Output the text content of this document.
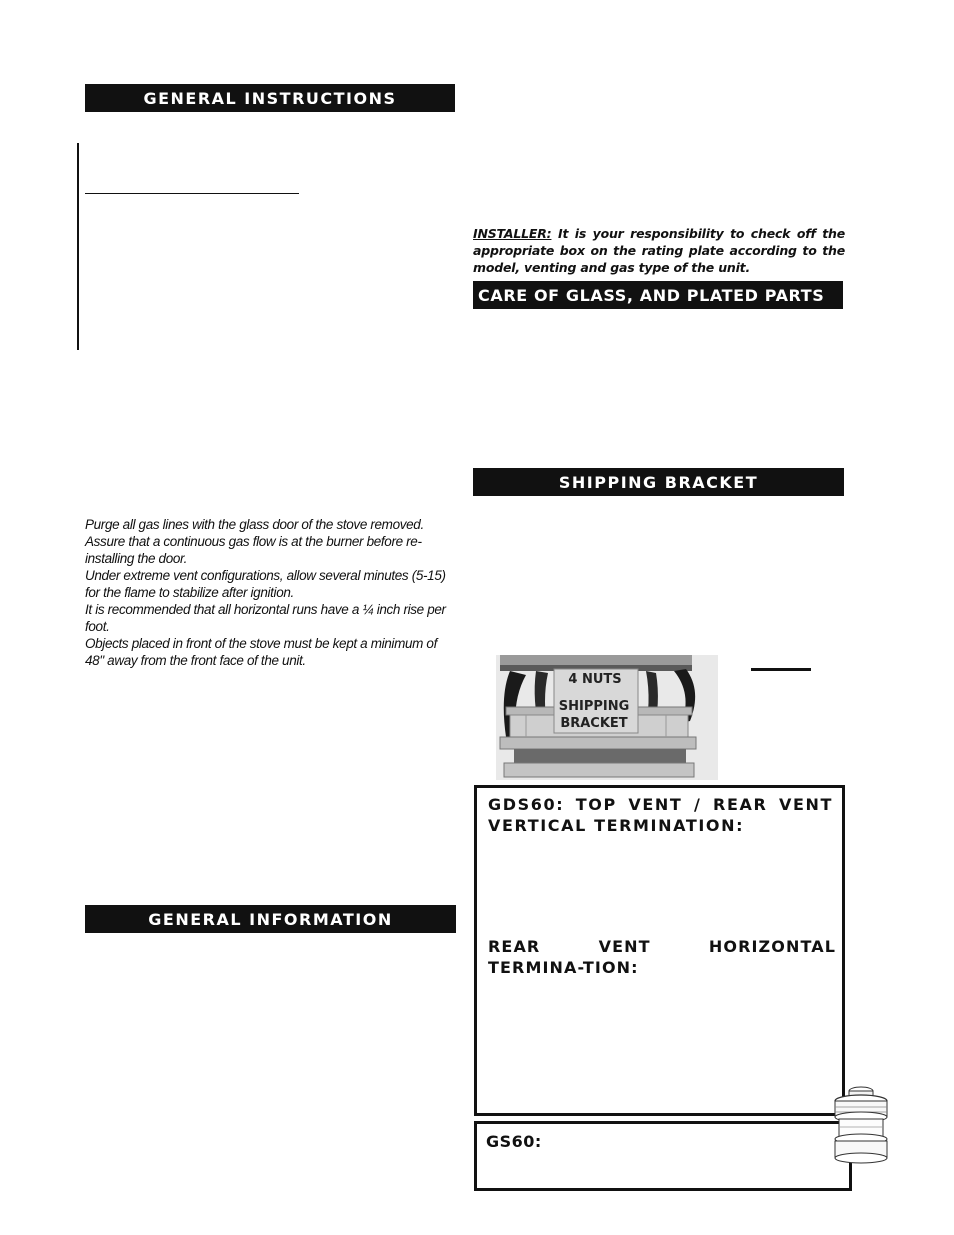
GENERAL INSTRUCTIONS

Purge all gas lines with the glass door of the stove removed.

Assure that a continuous gas flow is at the burner before re-installing the door.

Under extreme vent configurations, allow several minutes (5-15) for the flame to stabilize after ignition.

It is recommended that all horizontal runs have a ¼ inch rise per foot.

Objects placed in front of the stove must be kept a minimum of 48" away from the front face of the unit.

GENERAL INFORMATION
INSTALLER: It is your responsibility to check off the appropriate box on the rating plate according to the model, venting and gas type of the unit.
CARE OF GLASS, AND PLATED PARTS
SHIPPING BRACKET
4 NUTS
SHIPPING
BRACKET
GDS60: TOP VENT / REAR VENT VERTICAL TERMINATION:
REAR VENT HORIZONTAL TERMINA-TION:
GS60:
